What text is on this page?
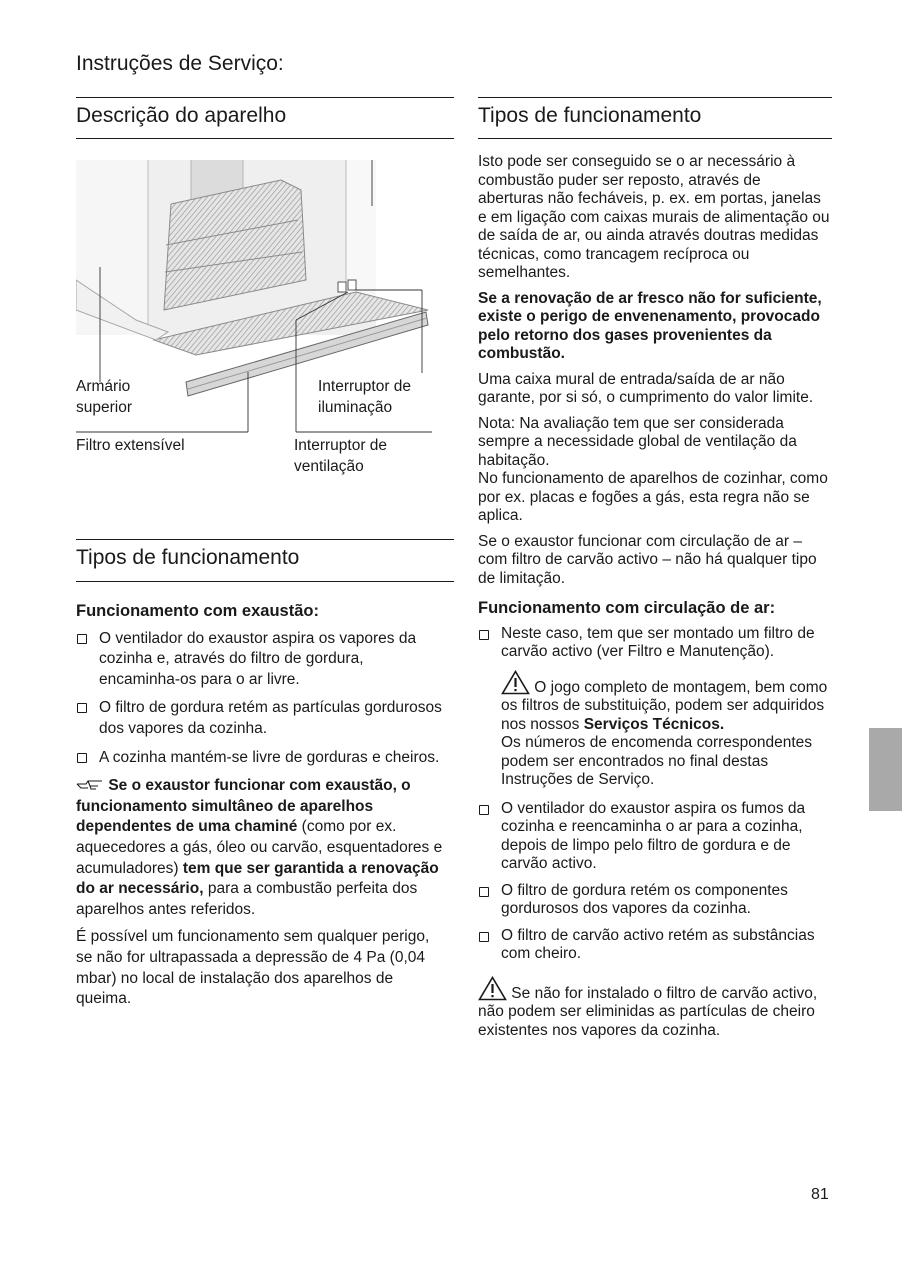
Instruções de Serviço:
Descrição do aparelho
Armário
superior
Interruptor de
iluminação
Filtro extensível	Interruptor de
ventilação
Tipos de funcionamento
Funcionamento com exaustão:
O ventilador do exaustor aspira os vapores da cozinha e, através do filtro de gordura, encaminha-os para o ar livre.
O filtro de gordura retém as partículas gordurosos dos vapores da cozinha.
A cozinha mantém-se livre de gorduras e cheiros.

Se o exaustor funcionar com exaustão, o funcionamento simultâneo de aparelhos dependentes de uma chaminé (como por ex. aquecedores a gás, óleo ou carvão, esquentadores e acumuladores) tem que ser garantida a renovação do ar necessário, para a combustão perfeita dos aparelhos antes referidos.

É possível um funcionamento sem qualquer perigo, se não for ultrapassada a depressão de 4 Pa (0,04 mbar) no local de instalação dos aparelhos de queima.

Tipos de funcionamento

Isto pode ser conseguido se o ar necessário à combustão puder ser reposto, através de aberturas não fecháveis, p. ex. em portas, janelas e em ligação com caixas murais de alimentação ou de saída de ar, ou ainda através doutras medidas técnicas, como trancagem recíproca ou semelhantes.

Se a renovação de ar fresco não for suficiente, existe o perigo de envenenamento, provocado pelo retorno dos gases provenientes da combustão.

Uma caixa mural de entrada/saída de ar não garante, por si só, o cumprimento do valor limite.

Nota: Na avaliação tem que ser considerada sempre a necessidade global de ventilação da habitação.
No funcionamento de aparelhos de cozinhar, como por ex. placas e fogões a gás, esta regra não se aplica.

Se o exaustor funcionar com circulação de ar – com filtro de carvão activo – não há qualquer tipo de limitação.

Funcionamento com circulação de ar:
Neste caso, tem que ser montado um filtro de carvão activo (ver Filtro e Manutenção).
O jogo completo de montagem, bem como os filtros de substituição, podem ser adquiridos nos nossos Serviços Técnicos.
Os números de encomenda correspondentes podem ser encontrados no final destas Instruções de Serviço.
O ventilador do exaustor aspira os fumos da cozinha e reencaminha o ar para a cozinha, depois de limpo pelo filtro de gordura e de carvão activo.
O filtro de gordura retém os componentes gordurosos dos vapores da cozinha.
O filtro de carvão activo retém as substâncias com cheiro.

Se não for instalado o filtro de carvão activo, não podem ser eliminidas as partículas de cheiro existentes nos vapores da cozinha.

81
